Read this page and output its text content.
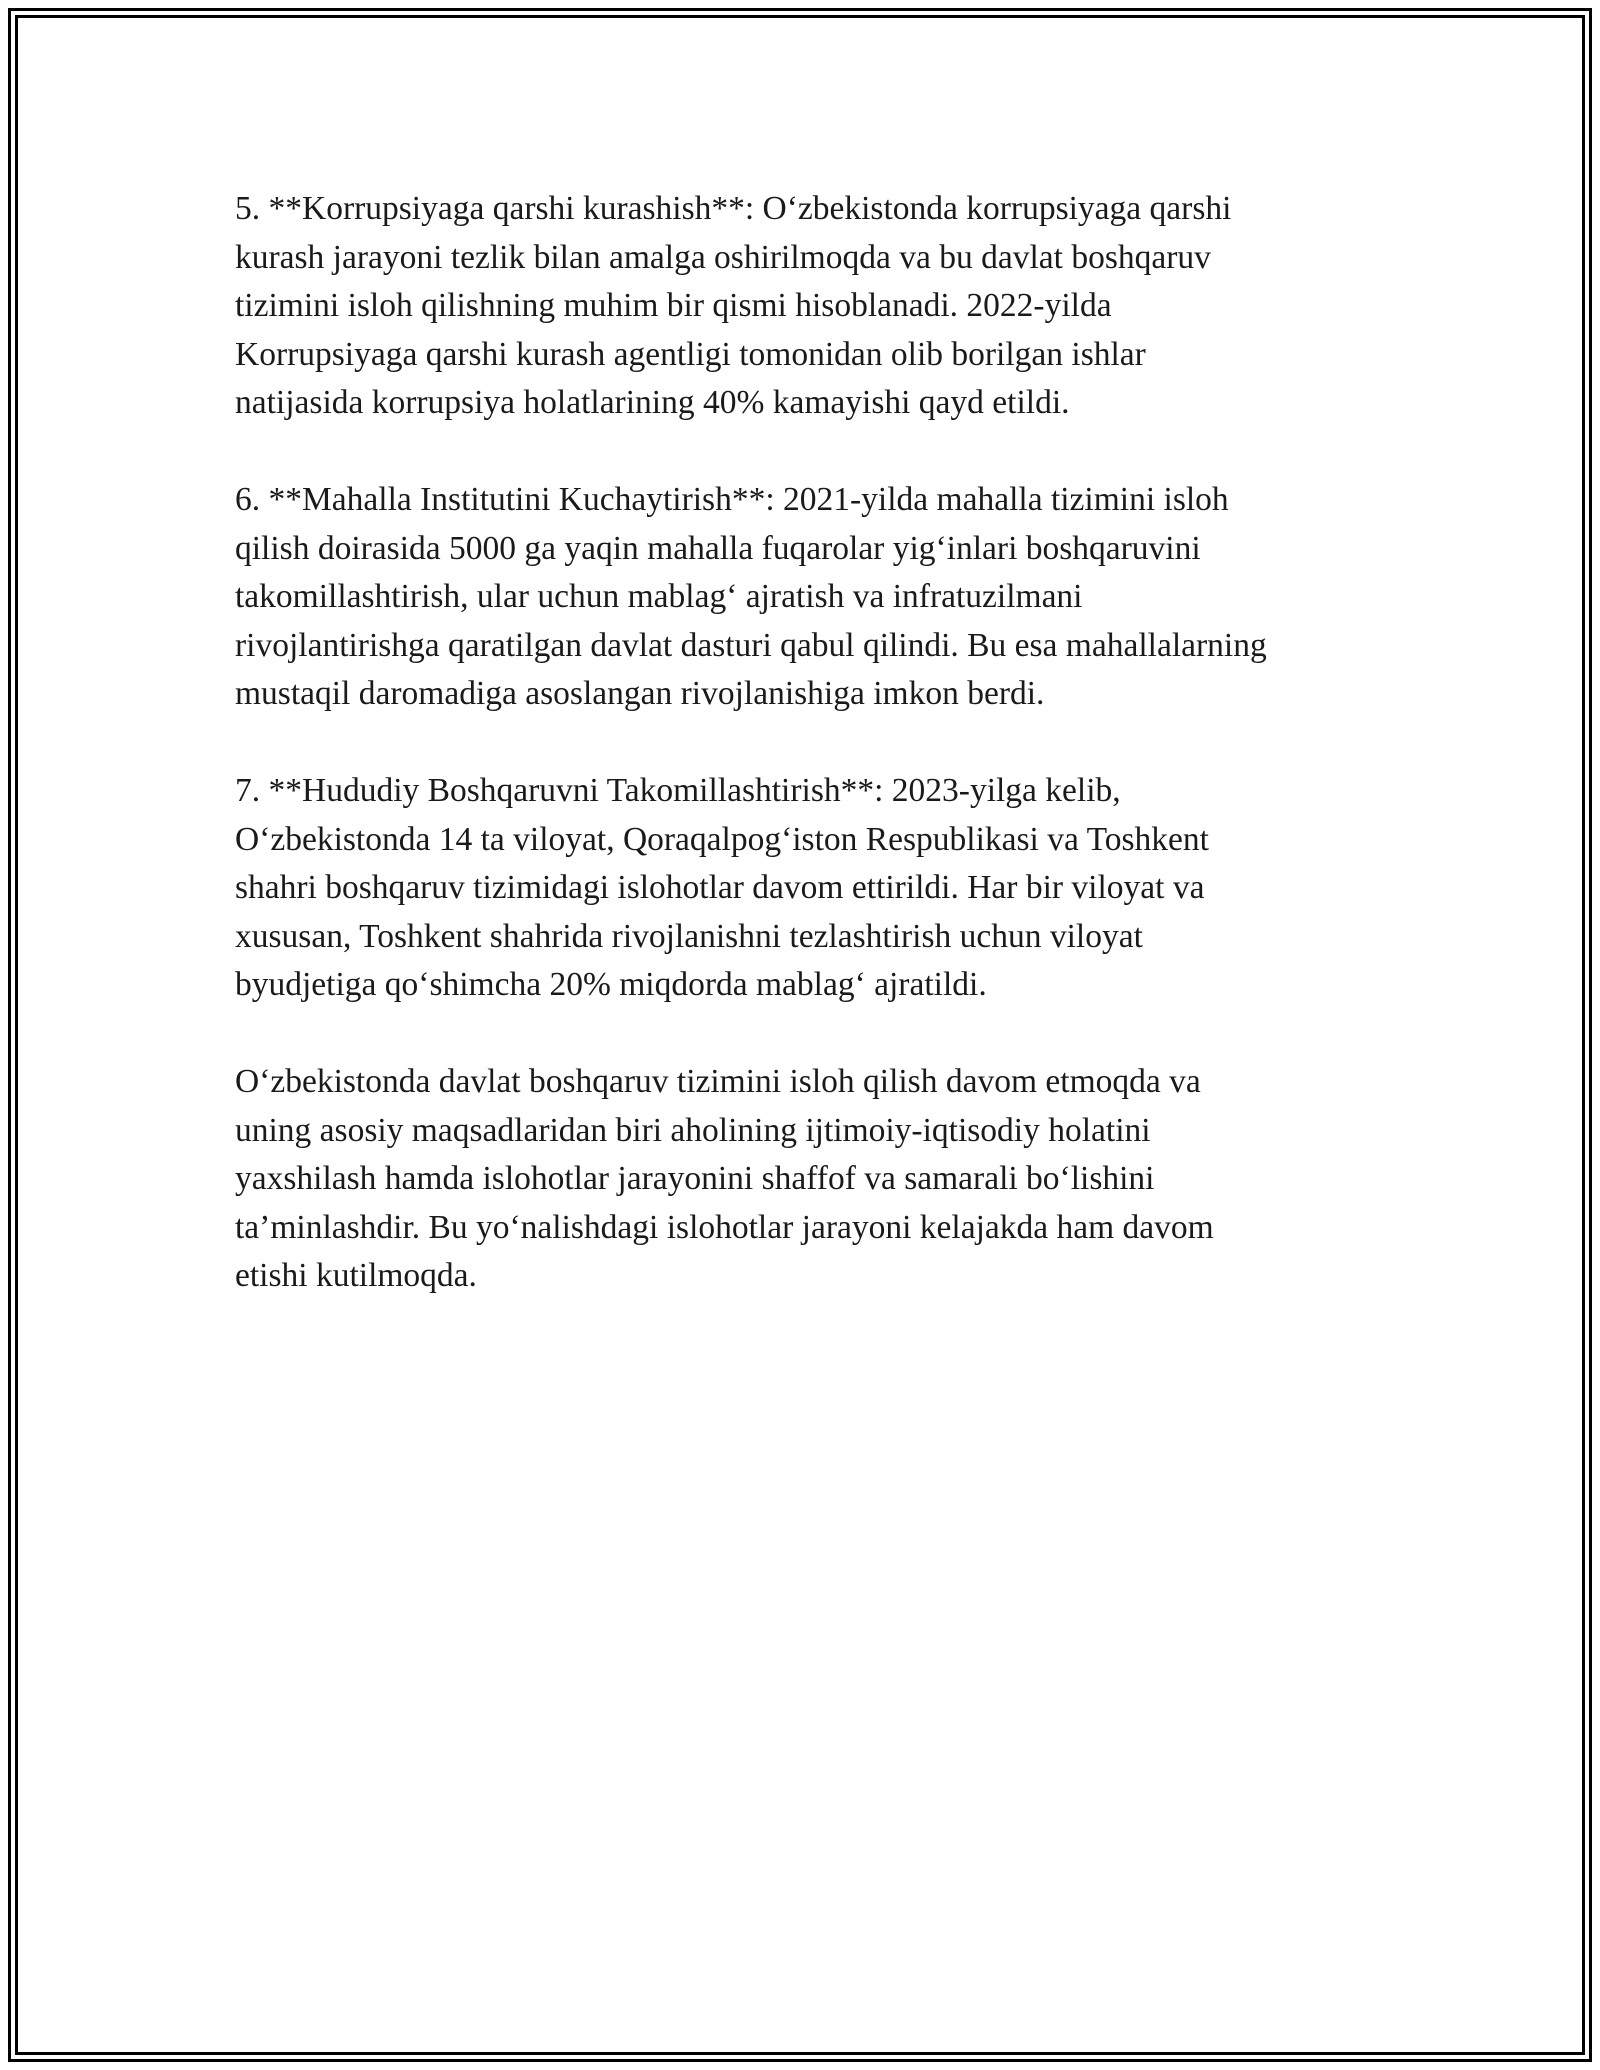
5. **Korrupsiyaga qarshi kurashish**: O‘zbekistonda korrupsiyaga qarshi
kurash jarayoni tezlik bilan amalga oshirilmoqda va bu davlat boshqaruv
tizimini isloh qilishning muhim bir qismi hisoblanadi. 2022-yilda
Korrupsiyaga qarshi kurash agentligi tomonidan olib borilgan ishlar
natijasida korrupsiya holatlarining 40% kamayishi qayd etildi.

6. **Mahalla Institutini Kuchaytirish**: 2021-yilda mahalla tizimini isloh
qilish doirasida 5000 ga yaqin mahalla fuqarolar yig‘inlari boshqaruvini
takomillashtirish, ular uchun mablag‘ ajratish va infratuzilmani
rivojlantirishga qaratilgan davlat dasturi qabul qilindi. Bu esa mahallalarning
mustaqil daromadiga asoslangan rivojlanishiga imkon berdi.

7. **Hududiy Boshqaruvni Takomillashtirish**: 2023-yilga kelib,
O‘zbekistonda 14 ta viloyat, Qoraqalpog‘iston Respublikasi va Toshkent
shahri boshqaruv tizimidagi islohotlar davom ettirildi. Har bir viloyat va
xususan, Toshkent shahrida rivojlanishni tezlashtirish uchun viloyat
byudjetiga qo‘shimcha 20% miqdorda mablag‘ ajratildi.

O‘zbekistonda davlat boshqaruv tizimini isloh qilish davom etmoqda va
uning asosiy maqsadlaridan biri aholining ijtimoiy-iqtisodiy holatini
yaxshilash hamda islohotlar jarayonini shaffof va samarali bo‘lishini
ta’minlashdir. Bu yo‘nalishdagi islohotlar jarayoni kelajakda ham davom
etishi kutilmoqda.
